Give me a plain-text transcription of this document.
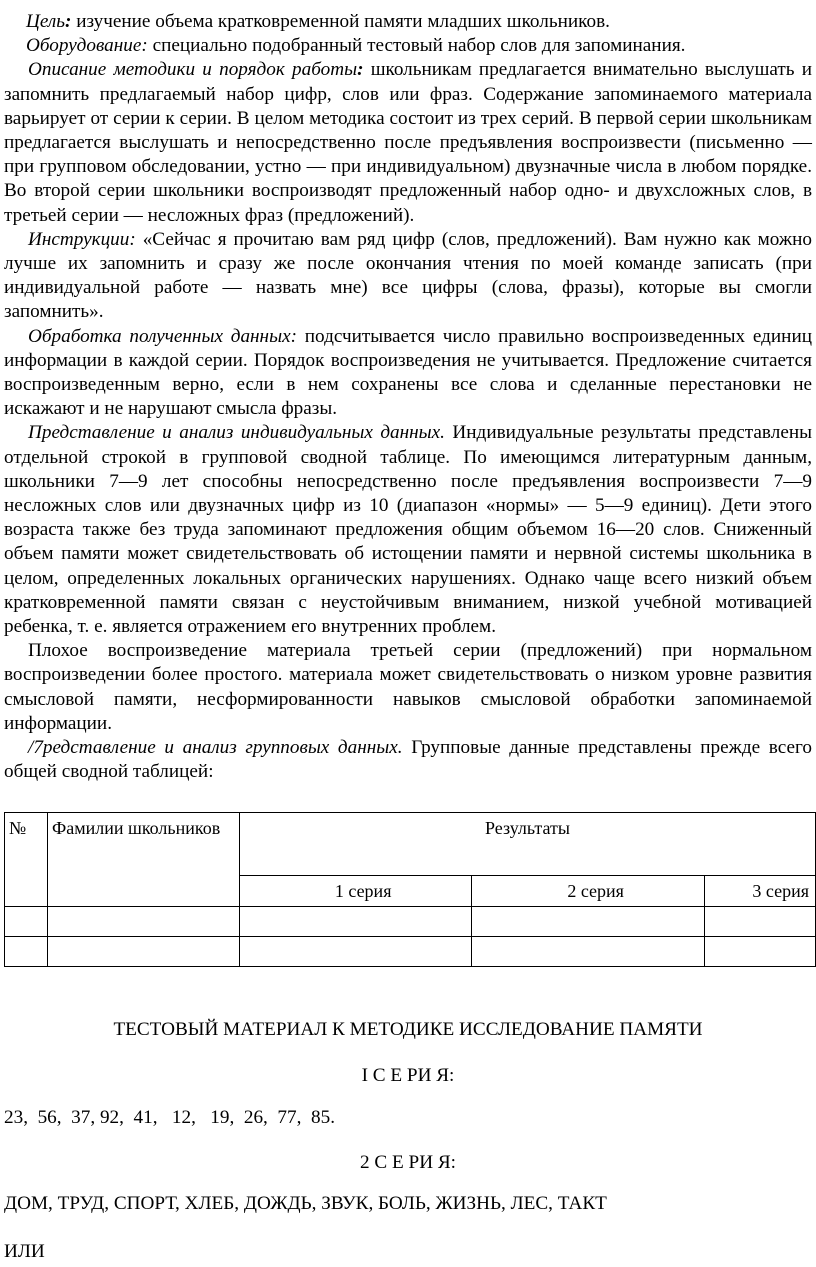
Цель: изучение объема кратковременной памяти младших школьников.

Оборудование: специально подобранный тестовый набор слов для запоминания.

Описание методики и порядок работы: школьникам предлагается внимательно выслушать и запомнить предлагаемый набор цифр, слов или фраз. Содержание запоминаемого материала варьирует от серии к серии. В целом методика состоит из трех серий. В первой серии школьникам предлагается выслушать и непосредственно после предъявления воспроизвести (письменно — при групповом обследовании, устно — при индивидуальном) двузначные числа в любом порядке. Во второй серии школьники воспроизводят предложенный набор одно- и двухсложных слов, в третьей серии — несложных фраз (предложений).

Инструкции: «Сейчас я прочитаю вам ряд цифр (слов, предложений). Вам нужно как можно лучше их запомнить и сразу же после окончания чтения по моей команде записать (при индивидуальной работе — назвать мне) все цифры (слова, фразы), которые вы смогли запомнить».

Обработка полученных данных: подсчитывается число правильно воспроизведенных единиц информации в каждой серии. Порядок воспроизведения не учитывается. Предложение считается воспроизведенным верно, если в нем сохранены все слова и сделанные перестановки не искажают и не нарушают смысла фразы.

Представление и анализ индивидуальных данных. Индивидуальные результаты представлены отдельной строкой в групповой сводной таблице. По имеющимся литературным данным, школьники 7—9 лет способны непосредственно после предъявления воспроизвести 7—9 несложных слов или двузначных цифр из 10 (диапазон «нормы» — 5—9 единиц). Дети этого возраста также без труда запоминают предложения общим объемом 16—20 слов. Сниженный объем памяти может свидетельствовать об истощении памяти и нервной системы школьника в целом, определенных локальных органических нарушениях. Однако чаще всего низкий объем кратковременной памяти связан с неустойчивым вниманием, низкой учебной мотивацией ребенка, т. е. является отражением его внутренних проблем.

Плохое воспроизведение материала третьей серии (предложений) при нормальном воспроизведении более простого. материала может свидетельствовать о низком уровне развития смысловой памяти, несформированности навыков смысловой обработки запоминаемой информации.

/7редставление и анализ групповых данных. Групповые данные представлены прежде всего общей сводной таблицей:

№	Фамилии школьников	Результаты		
		1 серия	2 серия	3 серия

ТЕСТОВЫЙ МАТЕРИАЛ К МЕТОДИКЕ ИССЛЕДОВАНИЕ ПАМЯТИ
I С Е РИ Я:
23,  56,  37, 92,  41,   12,   19,  26,  77,  85.
2 С Е РИ Я:
ДОМ, ТРУД, СПОРТ, ХЛЕБ, ДОЖДЬ, ЗВУК, БОЛЬ, ЖИЗНЬ, ЛЕС, ТАКТ
ИЛИ
